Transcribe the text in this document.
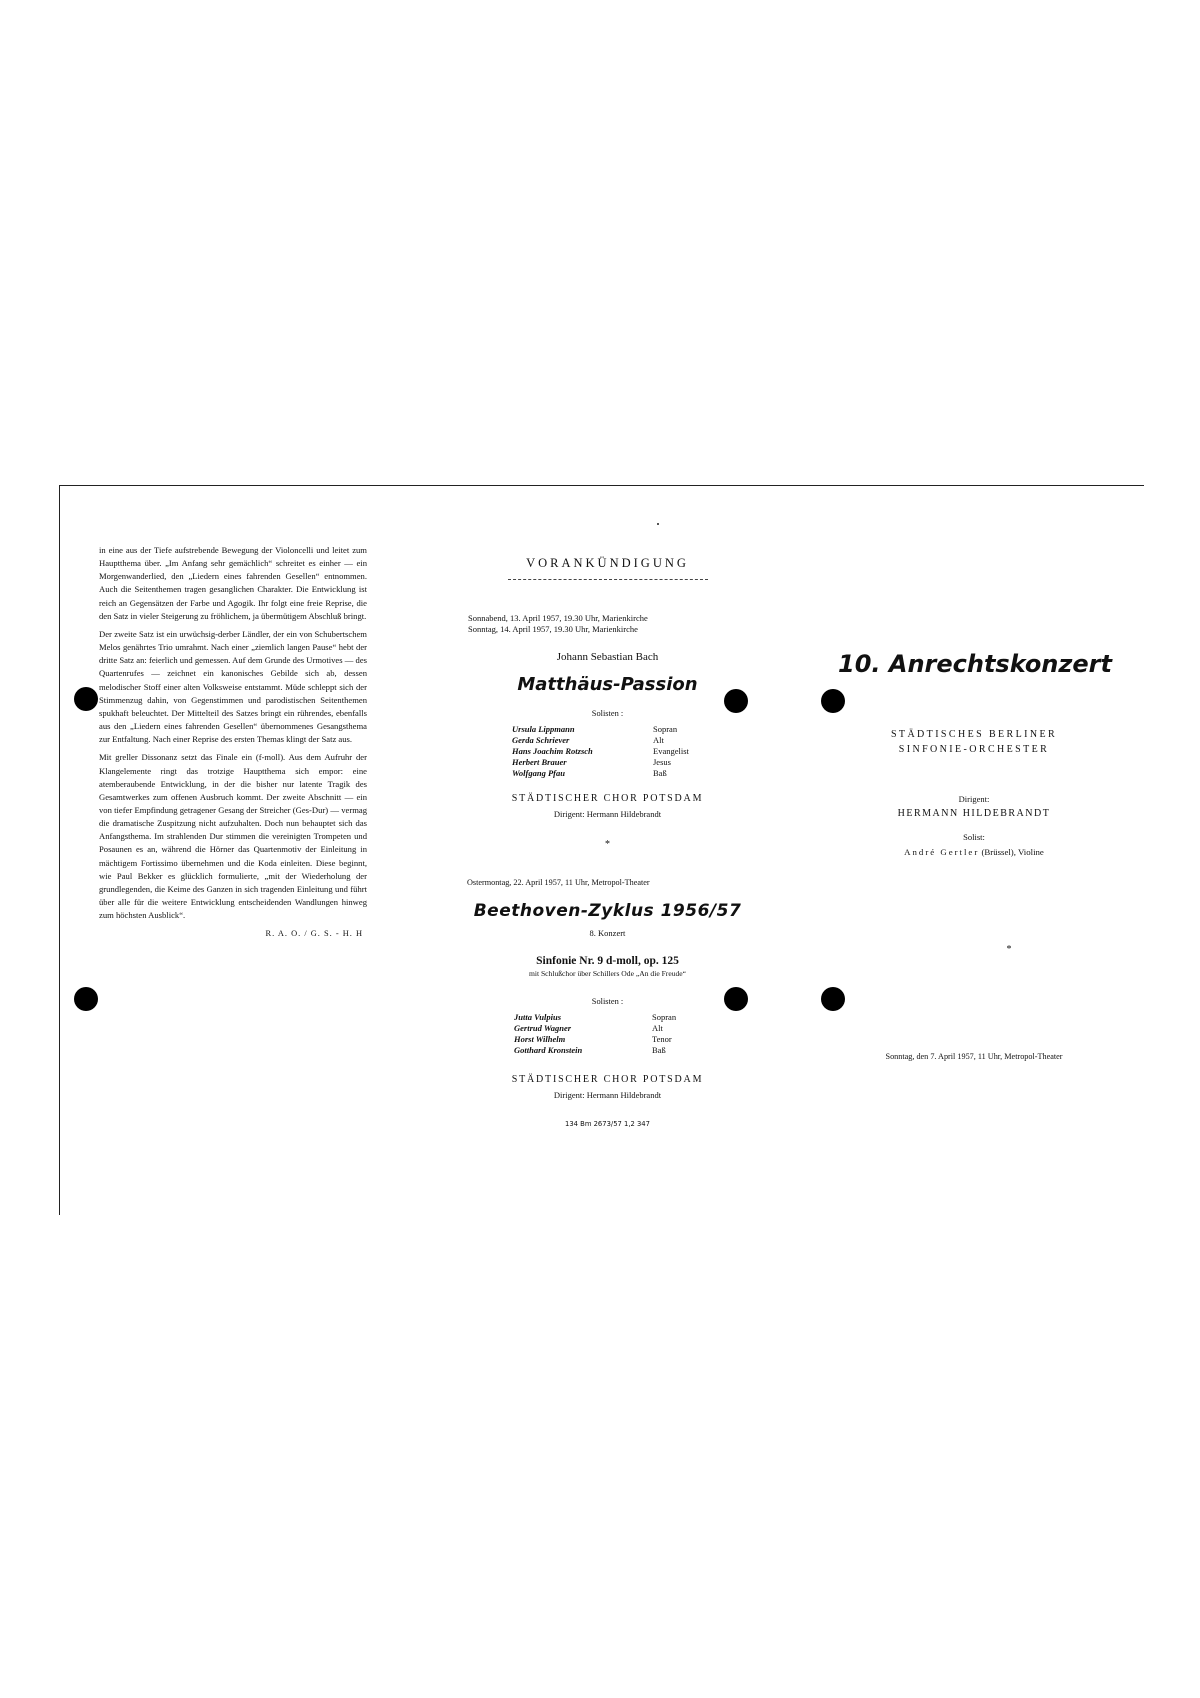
in eine aus der Tiefe aufstrebende Bewegung der Violoncelli und leitet zum Hauptthema über. „Im Anfang sehr gemächlich“ schreitet es einher — ein Morgenwanderlied, den „Liedern eines fahrenden Gesellen“ entnommen. Auch die Seitenthemen tragen gesanglichen Charakter. Die Entwicklung ist reich an Gegensätzen der Farbe und Agogik. Ihr folgt eine freie Reprise, die den Satz in vieler Steigerung zu fröhlichem, ja übermütigem Abschluß bringt.

Der zweite Satz ist ein urwüchsig-derber Ländler, der ein von Schubertschem Melos genährtes Trio umrahmt. Nach einer „ziemlich langen Pause“ hebt der dritte Satz an: feierlich und gemessen. Auf dem Grunde des Urmotives — des Quartenrufes — zeichnet ein kanonisches Gebilde sich ab, dessen melodischer Stoff einer alten Volksweise entstammt. Müde schleppt sich der Stimmenzug dahin, von Gegenstimmen und parodistischen Seitenthemen spukhaft beleuchtet. Der Mittelteil des Satzes bringt ein rührendes, ebenfalls aus den „Liedern eines fahrenden Gesellen“ übernommenes Gesangsthema zur Entfaltung. Nach einer Reprise des ersten Themas klingt der Satz aus.

Mit greller Dissonanz setzt das Finale ein (f-moll). Aus dem Aufruhr der Klangelemente ringt das trotzige Hauptthema sich empor: eine atemberaubende Entwicklung, in der die bisher nur latente Tragik des Gesamtwerkes zum offenen Ausbruch kommt. Der zweite Abschnitt — ein von tiefer Empfindung getragener Gesang der Streicher (Ges-Dur) — vermag die dramatische Zuspitzung nicht aufzuhalten. Doch nun behauptet sich das Anfangsthema. Im strahlenden Dur stimmen die vereinigten Trompeten und Posaunen es an, während die Hörner das Quartenmotiv der Einleitung in mächtigem Fortissimo übernehmen und die Koda einleiten. Diese beginnt, wie Paul Bekker es glücklich formulierte, „mit der Wiederholung der grundlegenden, die Keime des Ganzen in sich tragenden Einleitung und führt über alle für die weitere Entwicklung entscheidenden Wandlungen hinweg zum höchsten Ausblick“.

R. A. O. / G. S. - H. H
VORANKÜNDIGUNG
Sonnabend, 13. April 1957, 19.30 Uhr, Marienkirche
Sonntag, 14. April 1957, 19.30 Uhr, Marienkirche
Johann Sebastian Bach
Matthäus-Passion
Solisten :
Ursula Lippmann	Sopran
Gerda Schriever	Alt
Hans Joachim Rotzsch	Evangelist
Herbert Brauer	Jesus
Wolfgang Pfau	Baß
STÄDTISCHER CHOR POTSDAM
Dirigent: Hermann Hildebrandt
*
Ostermontag, 22. April 1957, 11 Uhr, Metropol-Theater
Beethoven-Zyklus 1956/57
8. Konzert
Sinfonie Nr. 9 d-moll, op. 125
mit Schlußchor über Schillers Ode „An die Freude“
Solisten :
Jutta Vulpius	Sopran
Gertrud Wagner	Alt
Horst Wilhelm	Tenor
Gotthard Kronstein	Baß
STÄDTISCHER CHOR POTSDAM
Dirigent: Hermann Hildebrandt
134 Bm 2673/57 1,2 347
10. Anrechtskonzert
STÄDTISCHES BERLINER
SINFONIE-ORCHESTER
Dirigent:
HERMANN HILDEBRANDT
Solist:
André Gertler (Brüssel), Violine
*
Sonntag, den 7. April 1957, 11 Uhr, Metropol-Theater
